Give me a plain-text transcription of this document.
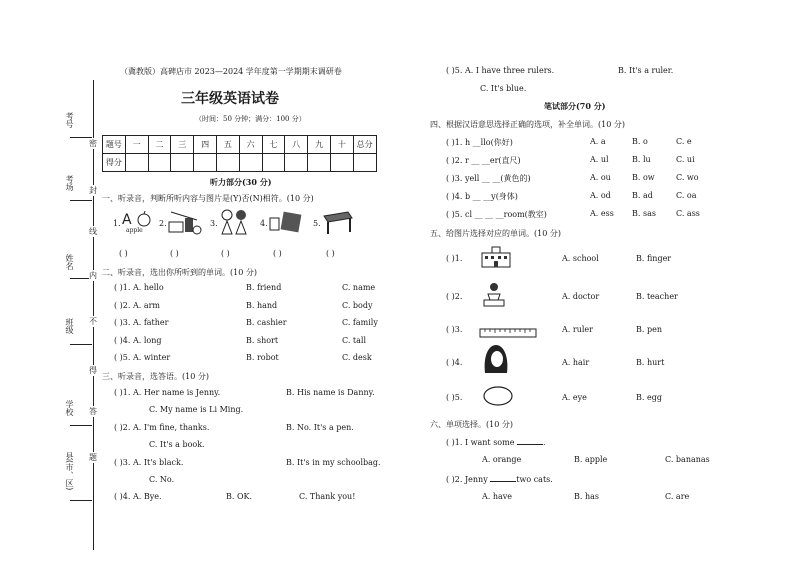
考号
考场
姓名
班级
学校
县(市、区)
密
封
线
内
不
得
答
题
（冀教版）高碑店市 2023—2024 学年度第一学期期末调研卷
三年级英语试卷
（时间：50 分钟；满分：100 分）
题号	一	二	三	四	五	六	七	八	九	十	总分
得分											
听力部分(30 分)
一、听录音，判断所听内容与图片是(Y)否(N)相符。(10 分)
1. A
apple
2.	3.	4.	5.
( )	( )	( )	( )	( )
二、听录音，选出你所听到的单词。(10 分)
( )1. A. hello	B. friend	C. name
( )2. A. arm	B. hand	C. body
( )3. A. father	B. cashier	C. family
( )4. A. long	B. short	C. tall
( )5. A. winter	B. robot	C. desk
三、听录音，选答语。(10 分)
( )1. A. Her name is Jenny.	B. His name is Danny.
C. My name is Li Ming.
( )2. A. I'm fine, thanks.	B. No. It's a pen.
C. It's a book.
( )3. A. It's black.	B. It's in my schoolbag.
C. No.
( )4. A. Bye.	B. OK.	C. Thank you!
( )5. A. I have three rulers.	B. It's a ruler.
C. It's blue.
笔试部分(70 分)
四、根据汉语意思选择正确的选项，补全单词。(10 分)
( )1. h __llo(你好)	A. a	B. o	C. e
( )2. r __ __er(直尺)	A. ul	B. lu	C. ui
( )3. yell __ __(黄色的)	A. ou	B. ow	C. wo
( )4. b __ __y(身体)	A. od	B. ad	C. oa
( )5. cl __ __ __room(教室)	A. ess B. sas	C. ass
五、给图片选择对应的单词。(10 分)
( )1.	A. school	B. finger
( )2.	A. doctor	B. teacher
( )3.	A. ruler	B. pen
( )4.	A. hair	B. hurt
( )5.	A. eye	B. egg
六、单项选择。(10 分)
( )1. I want some	.
A. orange	B. apple	C. bananas
( )2. Jenny	two cats.
A. have	B. has	C. are
